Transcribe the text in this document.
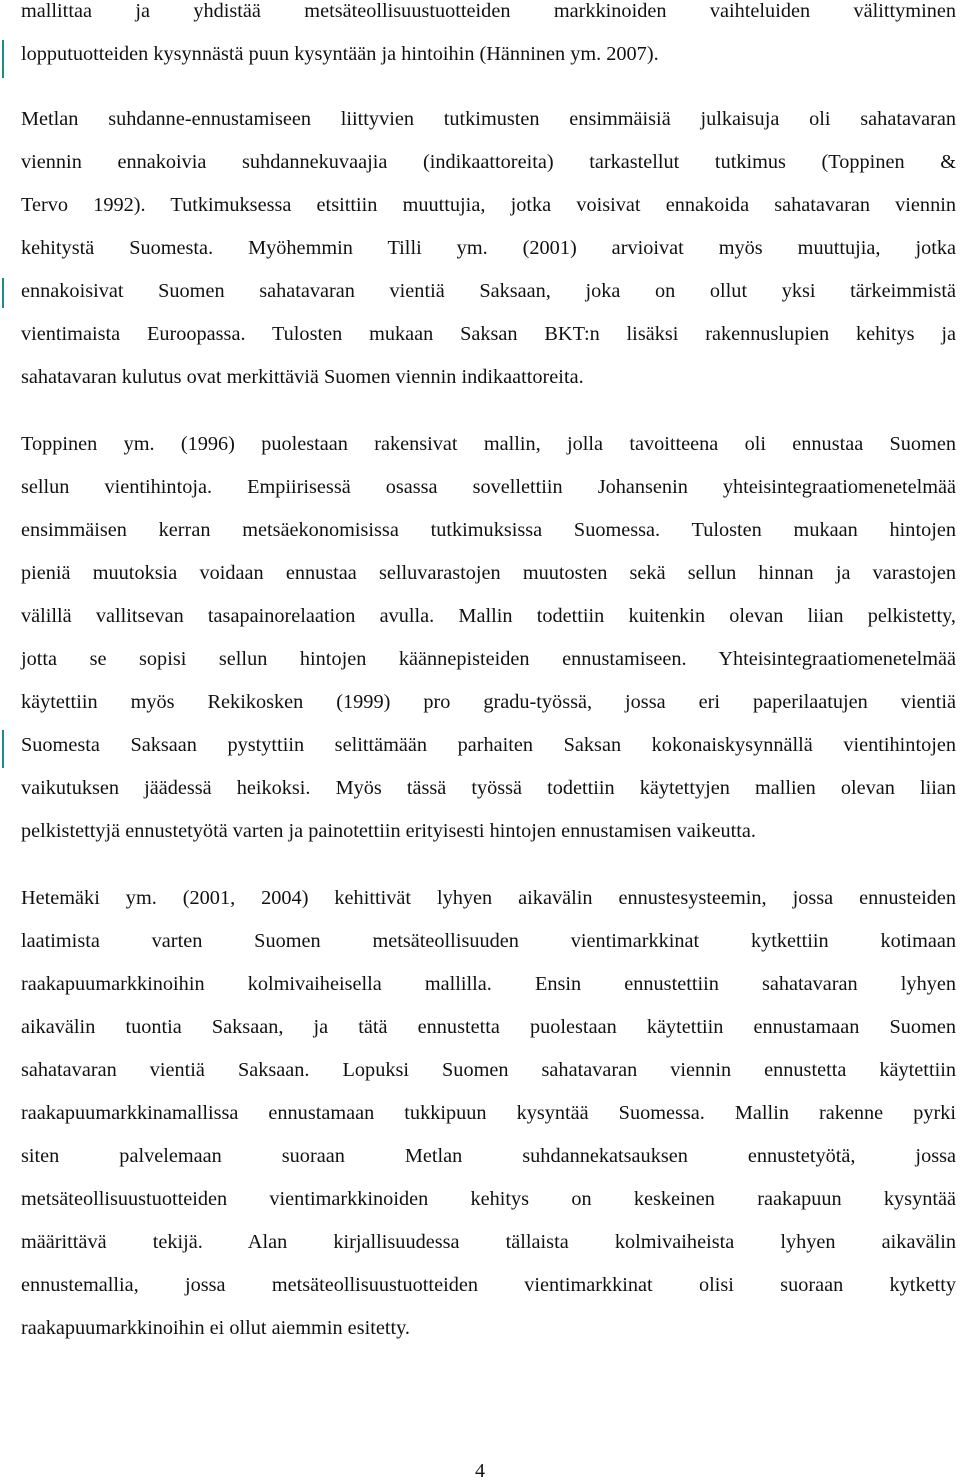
mallittaa ja yhdistää metsäteollisuustuotteiden markkinoiden vaihteluiden välittyminen
lopputuotteiden kysynnästä puun kysyntään ja hintoihin (Hänninen ym. 2007).
Metlan suhdanne-ennustamiseen liittyvien tutkimusten ensimmäisiä julkaisuja oli sahatavaran
viennin ennakoivia suhdannekuvaajia (indikaattoreita) tarkastellut tutkimus (Toppinen &
Tervo 1992). Tutkimuksessa etsittiin muuttujia, jotka voisivat ennakoida sahatavaran viennin
kehitystä Suomesta. Myöhemmin Tilli ym. (2001) arvioivat myös muuttujia, jotka
ennakoisivat Suomen sahatavaran vientiä Saksaan, joka on ollut yksi tärkeimmistä
vientimaista Euroopassa. Tulosten mukaan Saksan BKT:n lisäksi rakennuslupien kehitys ja
sahatavaran kulutus ovat merkittäviä Suomen viennin indikaattoreita.
Toppinen ym. (1996) puolestaan rakensivat mallin, jolla tavoitteena oli ennustaa Suomen
sellun vientihintoja. Empiirisessä osassa sovellettiin Johansenin yhteisintegraatiomenetelmää
ensimmäisen kerran metsäekonomisissa tutkimuksissa Suomessa. Tulosten mukaan hintojen
pieniä muutoksia voidaan ennustaa selluvarastojen muutosten sekä sellun hinnan ja varastojen
välillä vallitsevan tasapainorelaation avulla. Mallin todettiin kuitenkin olevan liian pelkistetty,
jotta se sopisi sellun hintojen käännepisteiden ennustamiseen. Yhteisintegraatiomenetelmää
käytettiin myös Rekikosken (1999) pro gradu-työssä, jossa eri paperilaatujen vientiä
Suomesta Saksaan pystyttiin selittämään parhaiten Saksan kokonaiskysynnällä vientihintojen
vaikutuksen jäädessä heikoksi. Myös tässä työssä todettiin käytettyjen mallien olevan liian
pelkistettyjä ennustetyötä varten ja painotettiin erityisesti hintojen ennustamisen vaikeutta.
Hetemäki ym. (2001, 2004) kehittivät lyhyen aikavälin ennustesysteemin, jossa ennusteiden
laatimista varten Suomen metsäteollisuuden vientimarkkinat kytkettiin kotimaan
raakapuumarkkinoihin kolmivaiheisella mallilla. Ensin ennustettiin sahatavaran lyhyen
aikavälin tuontia Saksaan, ja tätä ennustetta puolestaan käytettiin ennustamaan Suomen
sahatavaran vientiä Saksaan. Lopuksi Suomen sahatavaran viennin ennustetta käytettiin
raakapuumarkkinamallissa ennustamaan tukkipuun kysyntää Suomessa. Mallin rakenne pyrki
siten palvelemaan suoraan Metlan suhdannekatsauksen ennustetyötä, jossa
metsäteollisuustuotteiden vientimarkkinoiden kehitys on keskeinen raakapuun kysyntää
määrittävä tekijä. Alan kirjallisuudessa tällaista kolmivaiheista lyhyen aikavälin
ennustemallia, jossa metsäteollisuustuotteiden vientimarkkinat olisi suoraan kytketty
raakapuumarkkinoihin ei ollut aiemmin esitetty.
4
